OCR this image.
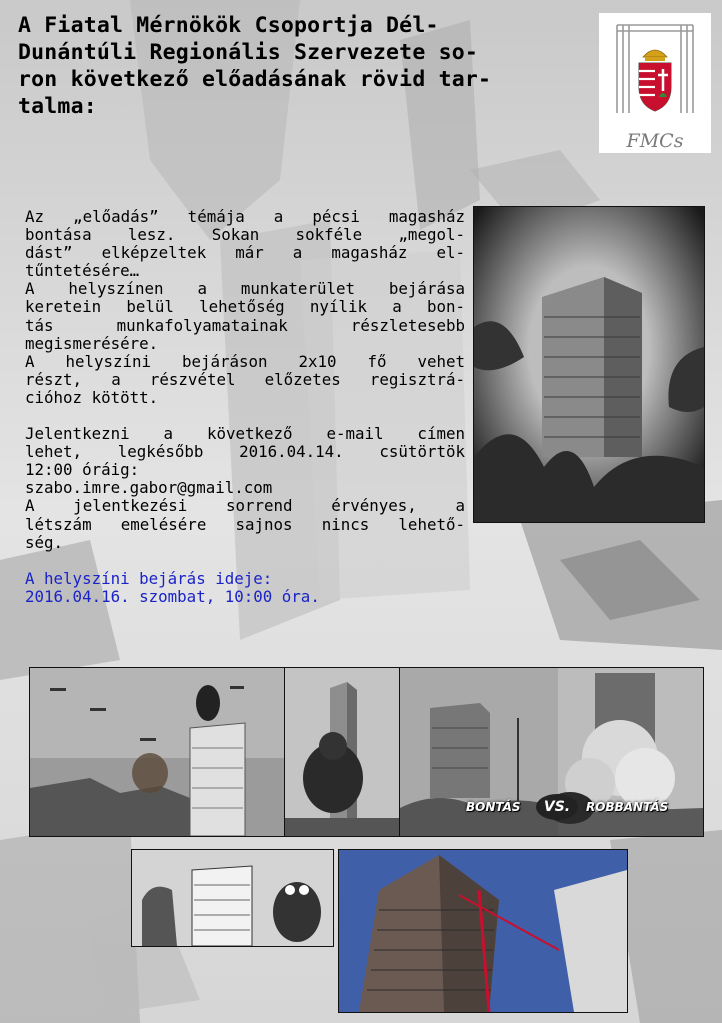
A Fiatal Mérnökök Csoportja Dél-
Dunántúli Regionális Szervezete so-
ron következő előadásának rövid tar-
talma:
FMCs
Az „előadás” témája a pécsi magasház
bontása lesz. Sokan sokféle „megol-
dást” elképzeltek már a magasház el-
tűntetésére…
A helyszínen a munkaterület bejárása
keretein belül lehetőség nyílik a bon-
tás munkafolyamatainak részletesebb
megismerésére.
A helyszíni bejáráson 2x10 fő vehet
részt, a részvétel előzetes regisztrá-
cióhoz kötött.
Jelentkezni a következő e-mail címen
lehet, legkésőbb 2016.04.14. csütörtök
12:00 óráig:
szabo.imre.gabor@gmail.com
A jelentkezési sorrend érvényes, a
létszám emelésére sajnos nincs lehető-
ség.
A helyszíni bejárás ideje:
2016.04.16. szombat, 10:00 óra.
BONTÁS	VS.	ROBBANTÁS
